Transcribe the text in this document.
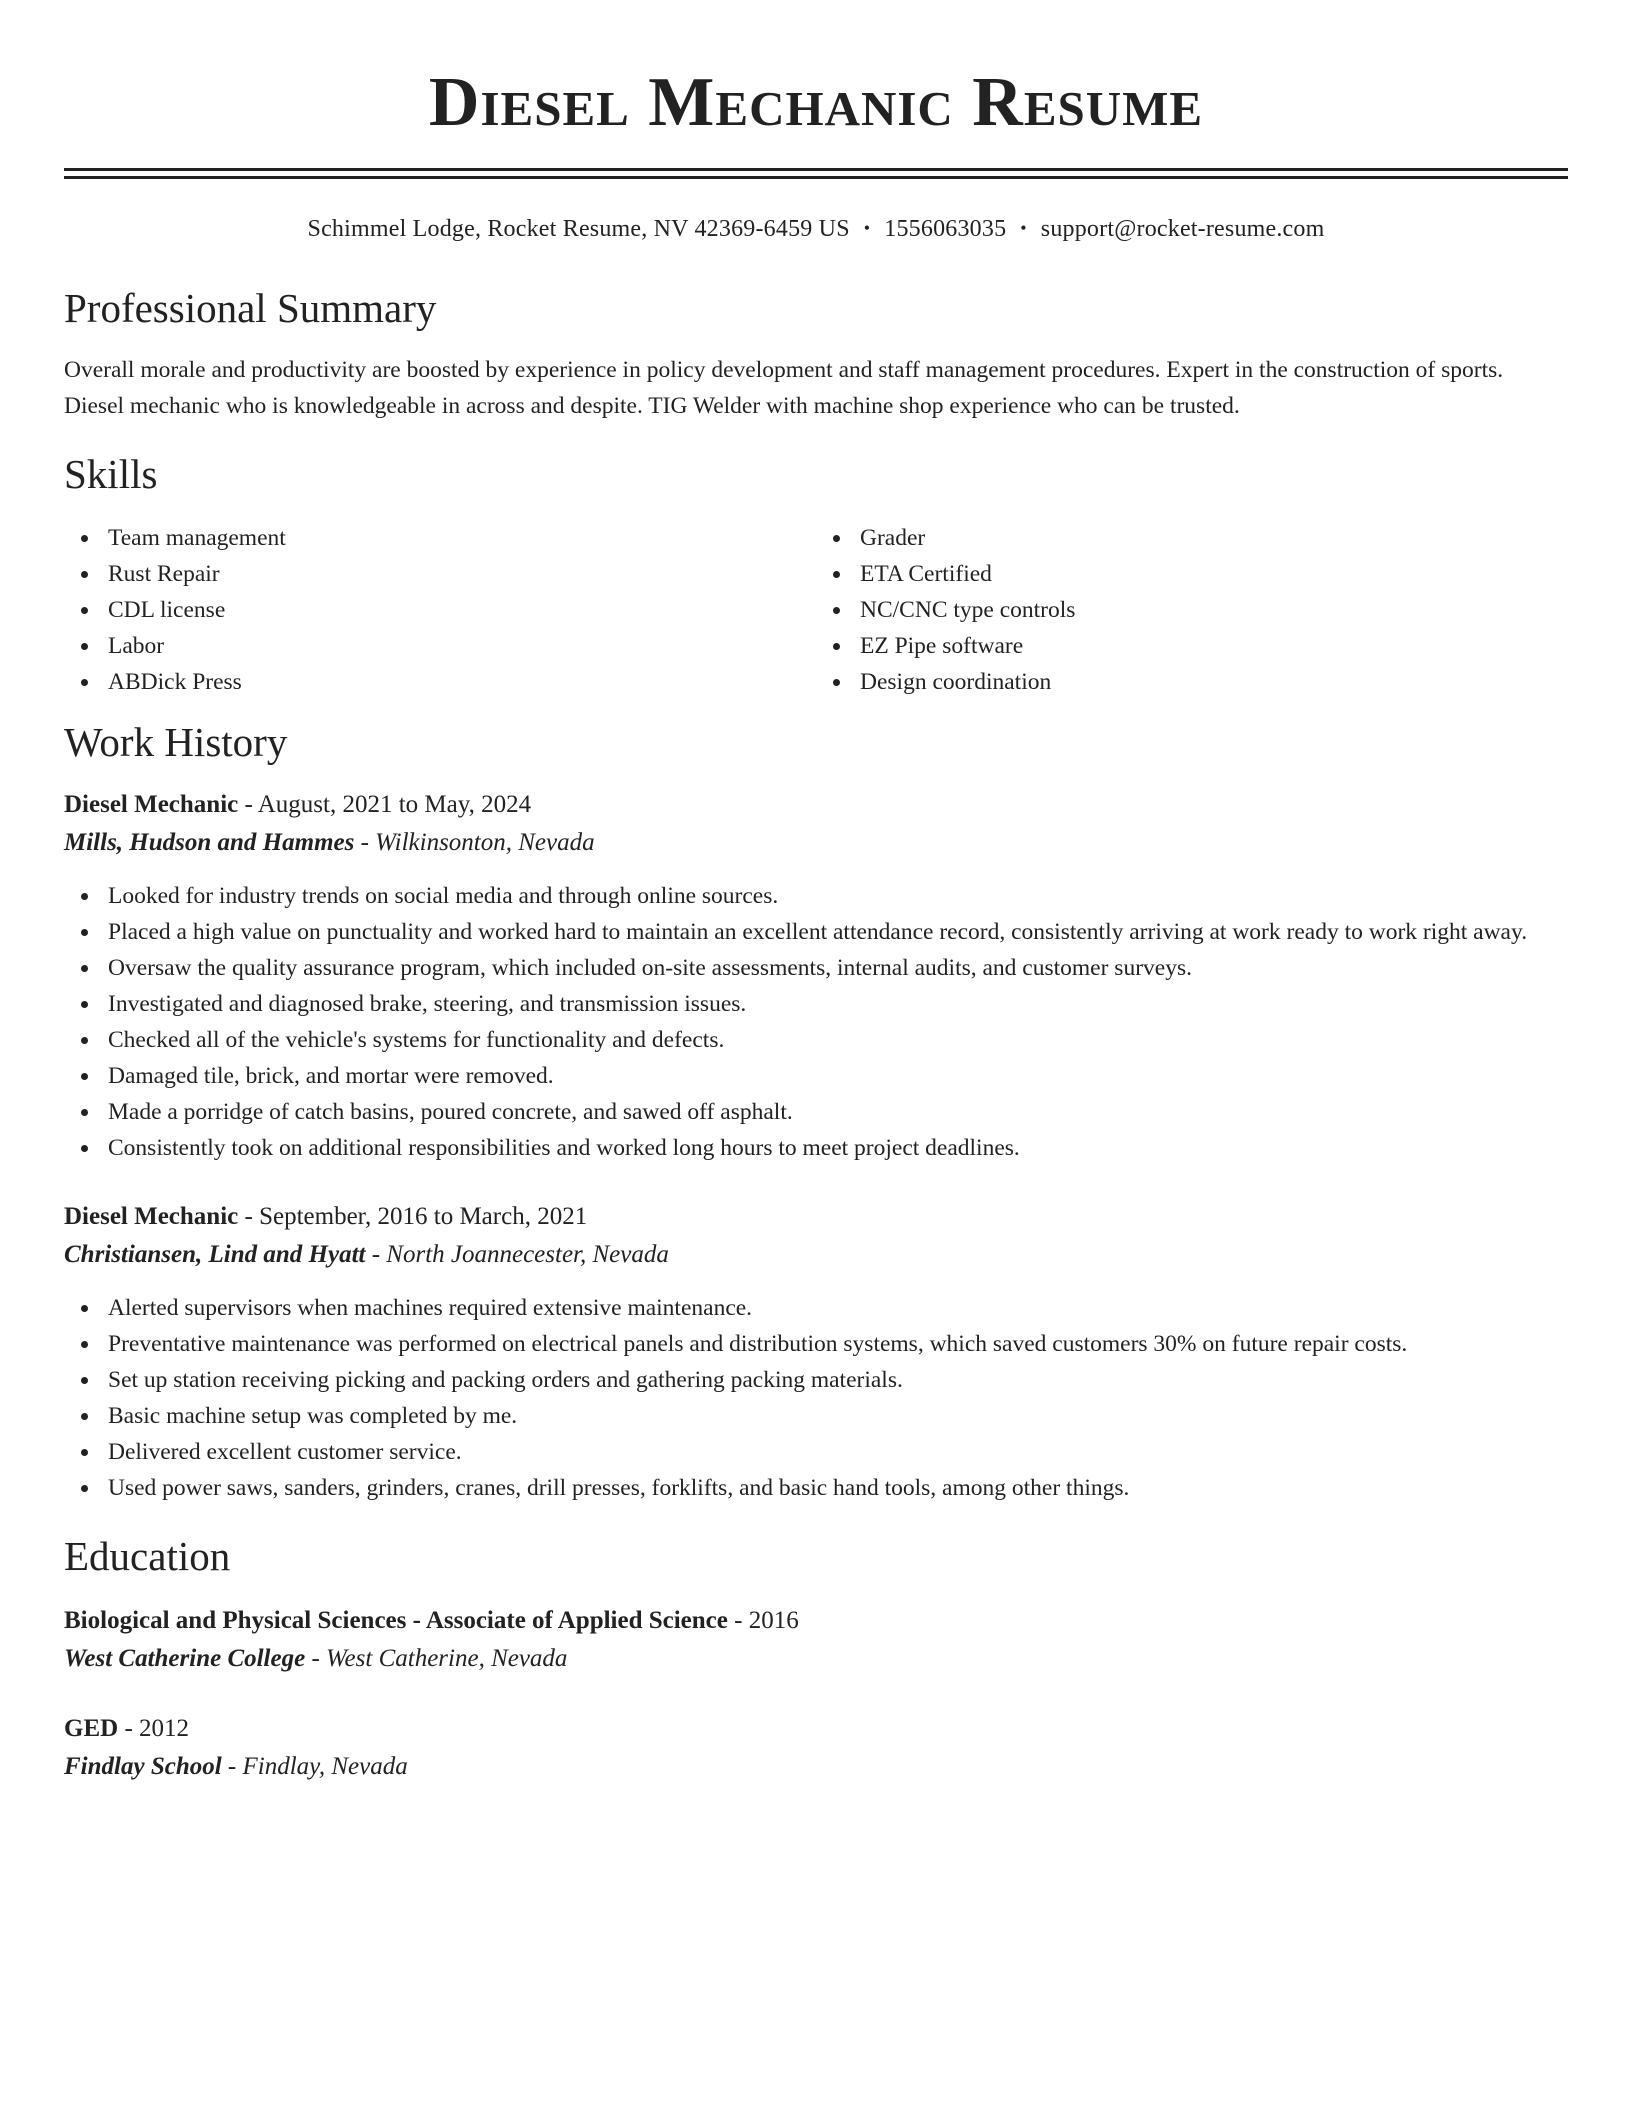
Diesel Mechanic Resume
Schimmel Lodge, Rocket Resume, NV 42369-6459 US • 1556063035 • support@rocket-resume.com
Professional Summary
Overall morale and productivity are boosted by experience in policy development and staff management procedures. Expert in the construction of sports. Diesel mechanic who is knowledgeable in across and despite. TIG Welder with machine shop experience who can be trusted.
Skills
Team management
Rust Repair
CDL license
Labor
ABDick Press
Grader
ETA Certified
NC/CNC type controls
EZ Pipe software
Design coordination
Work History
Diesel Mechanic - August, 2021 to May, 2024
Mills, Hudson and Hammes - Wilkinsonton, Nevada
Looked for industry trends on social media and through online sources.
Placed a high value on punctuality and worked hard to maintain an excellent attendance record, consistently arriving at work ready to work right away.
Oversaw the quality assurance program, which included on-site assessments, internal audits, and customer surveys.
Investigated and diagnosed brake, steering, and transmission issues.
Checked all of the vehicle's systems for functionality and defects.
Damaged tile, brick, and mortar were removed.
Made a porridge of catch basins, poured concrete, and sawed off asphalt.
Consistently took on additional responsibilities and worked long hours to meet project deadlines.
Diesel Mechanic - September, 2016 to March, 2021
Christiansen, Lind and Hyatt - North Joannecester, Nevada
Alerted supervisors when machines required extensive maintenance.
Preventative maintenance was performed on electrical panels and distribution systems, which saved customers 30% on future repair costs.
Set up station receiving picking and packing orders and gathering packing materials.
Basic machine setup was completed by me.
Delivered excellent customer service.
Used power saws, sanders, grinders, cranes, drill presses, forklifts, and basic hand tools, among other things.
Education
Biological and Physical Sciences - Associate of Applied Science - 2016
West Catherine College - West Catherine, Nevada
GED - 2012
Findlay School - Findlay, Nevada
